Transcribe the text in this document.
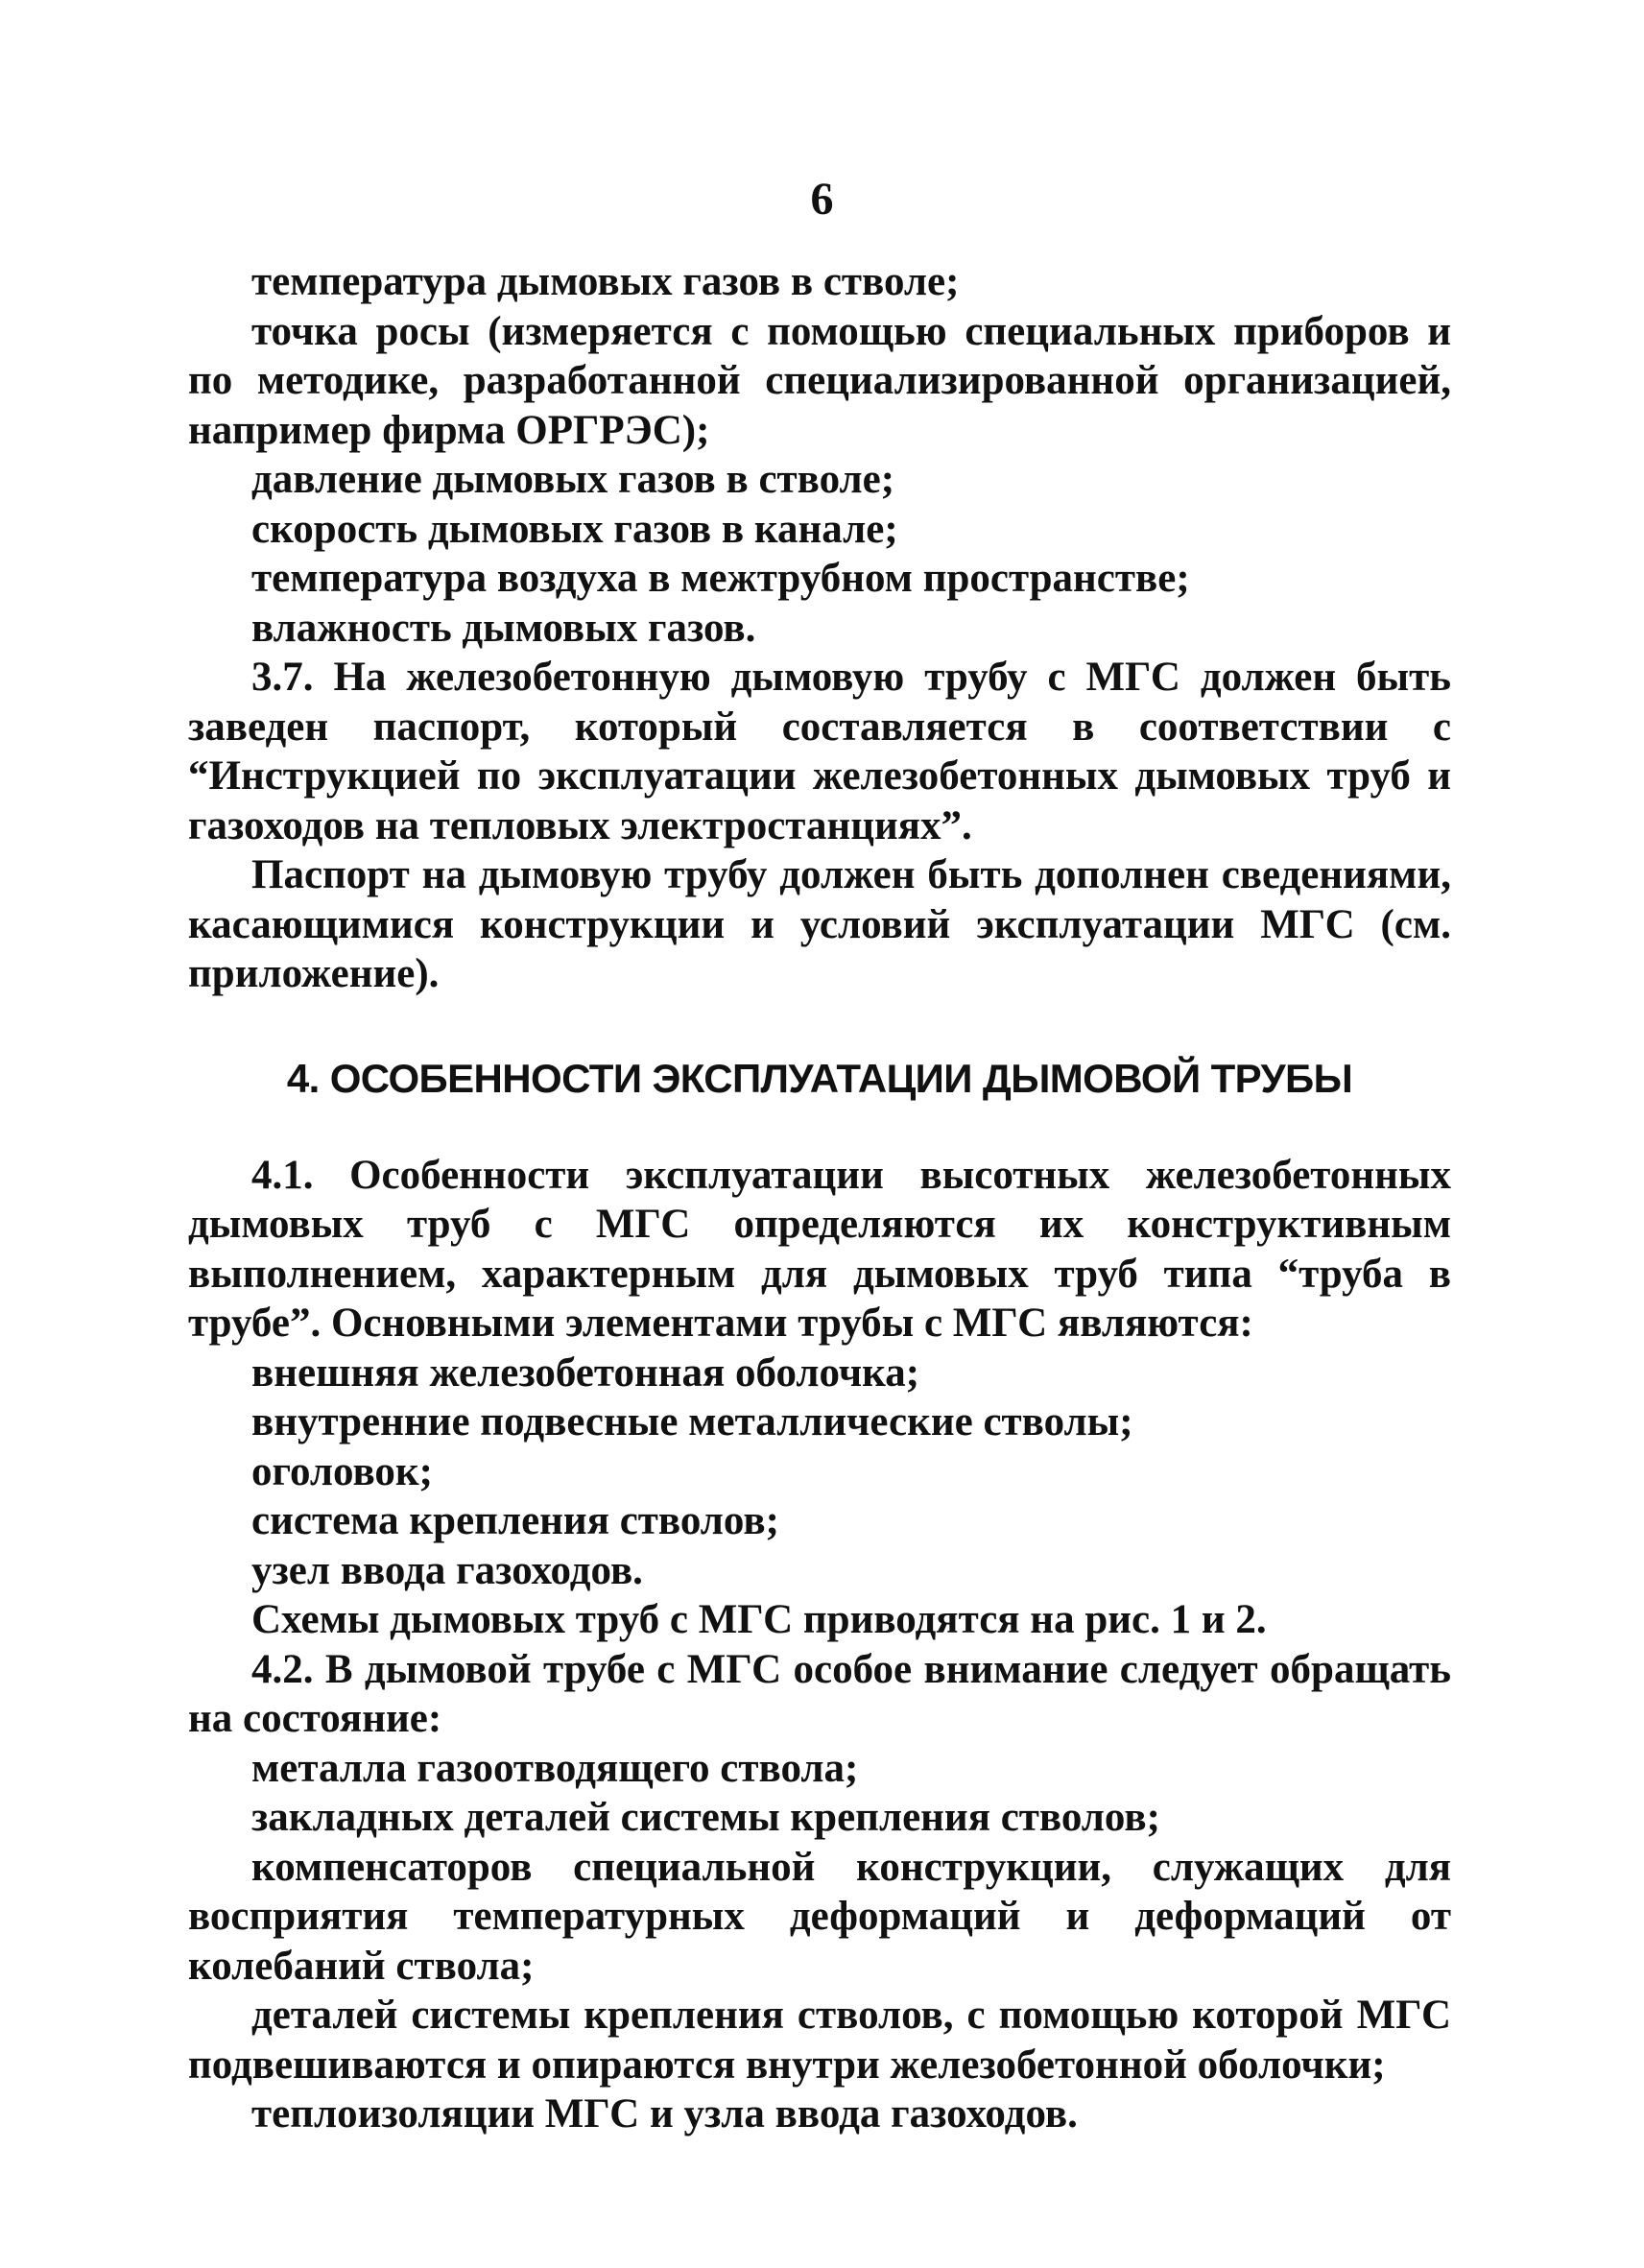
6

температура дымовых газов в стволе;

точка росы (измеряется с помощью специальных приборов и по методике, разработанной специализированной организацией, например фирма ОРГРЭС);

давление дымовых газов в стволе;

скорость дымовых газов в канале;

температура воздуха в межтрубном пространстве;

влажность дымовых газов.

3.7. На железобетонную дымовую трубу с МГС должен быть заведен паспорт, который составляется в соответствии с “Инструкцией по эксплуатации железобетонных дымовых труб и газоходов на тепловых электростанциях”.

Паспорт на дымовую трубу должен быть дополнен сведениями, касающимися конструкции и условий эксплуатации МГС (см. приложение).

4. ОСОБЕННОСТИ ЭКСПЛУАТАЦИИ ДЫМОВОЙ ТРУБЫ

4.1. Особенности эксплуатации высотных железобетонных дымовых труб с МГС определяются их конструктивным выполнением, характерным для дымовых труб типа “труба в трубе”. Основными элементами трубы с МГС являются:

внешняя железобетонная оболочка;

внутренние подвесные металлические стволы;

оголовок;

система крепления стволов;

узел ввода газоходов.

Схемы дымовых труб с МГС приводятся на рис. 1 и 2.

4.2. В дымовой трубе с МГС особое внимание следует обращать на состояние:

металла газоотводящего ствола;

закладных деталей системы крепления стволов;

компенсаторов специальной конструкции, служащих для восприятия температурных деформаций и деформаций от колебаний ствола;

деталей системы крепления стволов, с помощью которой МГС подвешиваются и опираются внутри железобетонной оболочки;

теплоизоляции МГС и узла ввода газоходов.
